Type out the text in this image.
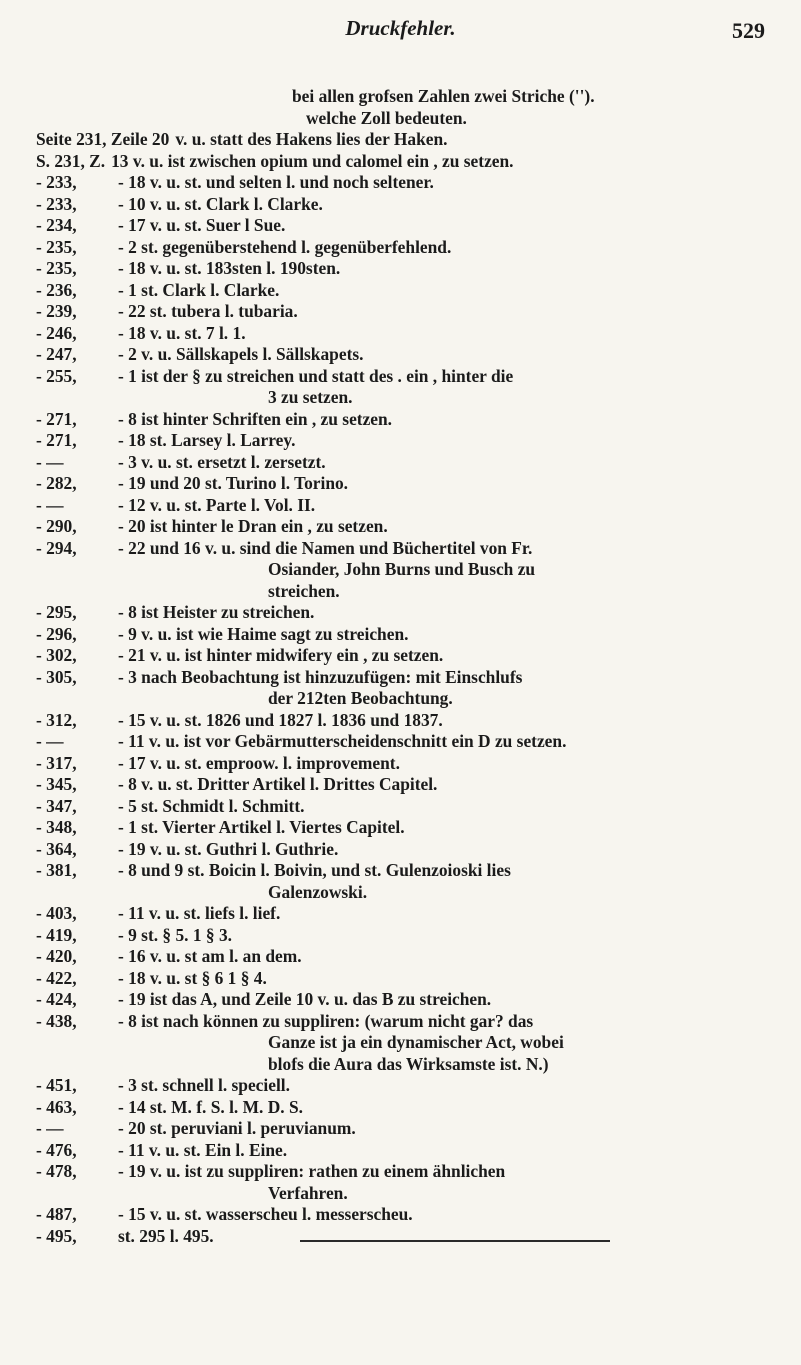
Druckfehler.	529
bei allen grofsen Zahlen zwei Striche ('').
welche Zoll bedeuten.
Seite 231, Zeile 20 v. u. statt des Hakens lies der Haken.
S. 231, Z. 13 v. u. ist zwischen opium und calomel ein , zu setzen.
- 233,	- 18 v. u. st. und selten l. und noch seltener.
- 233,	- 10 v. u. st. Clark l. Clarke.
- 234,	- 17 v. u. st. Suer l Sue.
- 235,	- 2 st. gegenüberstehend l. gegenüberfehlend.
- 235,	- 18 v. u. st. 183sten l. 190sten.
- 236,	- 1 st. Clark l. Clarke.
- 239,	- 22 st. tubera l. tubaria.
- 246,	- 18 v. u. st. 7 l. 1.
- 247,	- 2 v. u. Sällskapels l. Sällskapets.
- 255,	- 1 ist der § zu streichen und statt des . ein , hinter die
3 zu setzen.
- 271,	- 8 ist hinter Schriften ein , zu setzen.
- 271,	- 18 st. Larsey l. Larrey.
- —	- 3 v. u. st. ersetzt l. zersetzt.
- 282,	- 19 und 20 st. Turino l. Torino.
- —	- 12 v. u. st. Parte l. Vol. II.
- 290,	- 20 ist hinter le Dran ein , zu setzen.
- 294,	- 22 und 16 v. u. sind die Namen und Büchertitel von Fr.
Osiander, John Burns und Busch zu
streichen.
- 295,	- 8 ist Heister zu streichen.
- 296,	- 9 v. u. ist wie Haime sagt zu streichen.
- 302,	- 21 v. u. ist hinter midwifery ein , zu setzen.
- 305,	- 3 nach Beobachtung ist hinzuzufügen: mit Einschlufs
der 212ten Beobachtung.
- 312,	- 15 v. u. st. 1826 und 1827 l. 1836 und 1837.
- —	- 11 v. u. ist vor Gebärmutterscheidenschnitt ein D zu setzen.
- 317,	- 17 v. u. st. emproow. l. improvement.
- 345,	- 8 v. u. st. Dritter Artikel l. Drittes Capitel.
- 347,	- 5 st. Schmidt l. Schmitt.
- 348,	- 1 st. Vierter Artikel l. Viertes Capitel.
- 364,	- 19 v. u. st. Guthri l. Guthrie.
- 381,	- 8 und 9 st. Boicin l. Boivin, und st. Gulenzoioski lies
Galenzowski.
- 403,	- 11 v. u. st. liefs l. lief.
- 419,	- 9 st. § 5. 1 § 3.
- 420,	- 16 v. u. st am l. an dem.
- 422,	- 18 v. u. st § 6 1 § 4.
- 424,	- 19 ist das A, und Zeile 10 v. u. das B zu streichen.
- 438,	- 8 ist nach können zu suppliren: (warum nicht gar? das
Ganze ist ja ein dynamischer Act, wobei
blofs die Aura das Wirksamste ist. N.)
- 451,	- 3 st. schnell l. speciell.
- 463,	- 14 st. M. f. S. l. M. D. S.
- —	- 20 st. peruviani l. peruvianum.
- 476,	- 11 v. u. st. Ein l. Eine.
- 478,	- 19 v. u. ist zu suppliren: rathen zu einem ähnlichen
Verfahren.
- 487,	- 15 v. u. st. wasserscheu l. messerscheu.
- 495,	st. 295 l. 495.
